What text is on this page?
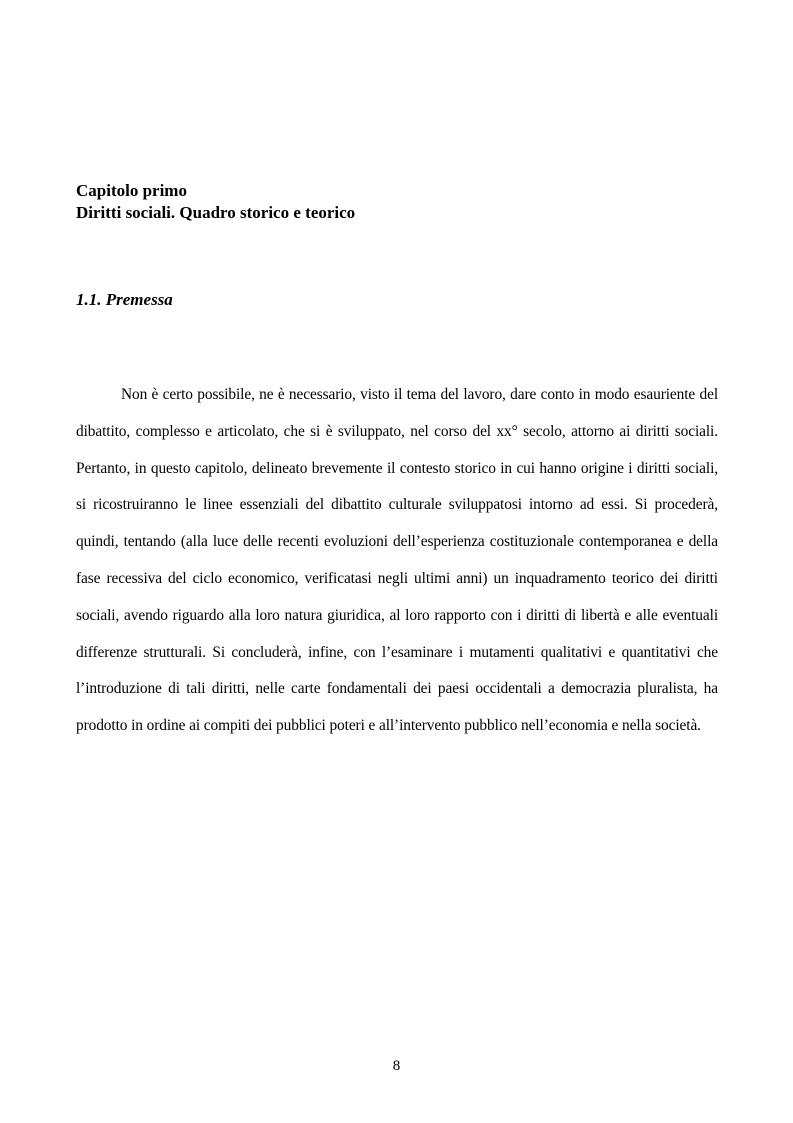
Capitolo primo
Diritti sociali. Quadro storico e teorico
1.1. Premessa

Non è certo possibile, ne è necessario, visto il tema del lavoro, dare conto in modo esauriente del dibattito, complesso e articolato, che si è sviluppato, nel corso del xx° secolo, attorno ai diritti sociali. Pertanto, in questo capitolo, delineato brevemente il contesto storico in cui hanno origine i diritti sociali, si ricostruiranno le linee essenziali del dibattito culturale sviluppatosi intorno ad essi. Si procederà, quindi, tentando (alla luce delle recenti evoluzioni dell’esperienza costituzionale contemporanea e della fase recessiva del ciclo economico, verificatasi negli ultimi anni) un inquadramento teorico dei diritti sociali, avendo riguardo alla loro natura giuridica, al loro rapporto con i diritti di libertà e alle eventuali differenze strutturali. Si concluderà, infine, con l’esaminare i mutamenti qualitativi e quantitativi che l’introduzione di tali diritti, nelle carte fondamentali dei paesi occidentali a democrazia pluralista, ha prodotto in ordine ai compiti dei pubblici poteri e all’intervento pubblico nell’economia e nella società.

8
